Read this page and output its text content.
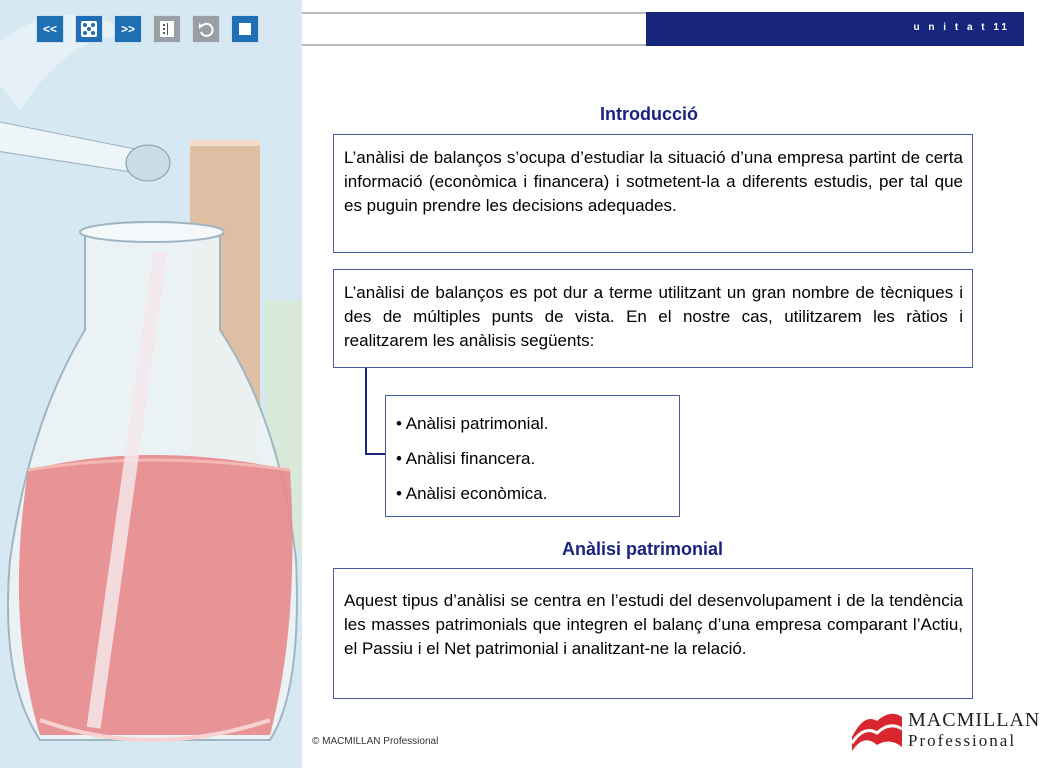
<<	>>	u n i t a t 11
Introducció
L’anàlisi de balanços s’ocupa d’estudiar la situació d’una empresa partint de certa informació (econòmica i financera) i sotmetent-la a diferents estudis, per tal que es puguin prendre les decisions adequades.
L’anàlisi de balanços es pot dur a terme utilitzant un gran nombre de tècniques i des de múltiples punts de vista. En el nostre cas, utilitzarem les ràtios i realitzarem les anàlisis següents:
• Anàlisi patrimonial.
• Anàlisi financera.
• Anàlisi econòmica.
Anàlisi patrimonial
Aquest tipus d’anàlisi se centra en l’estudi del desenvolupament i de la tendència les masses patrimonials que integren el balanç d’una empresa comparant l’Actiu, el Passiu i el Net patrimonial i analitzant-ne la relació.
© MACMILLAN Professional
MACMILLAN
Professional
